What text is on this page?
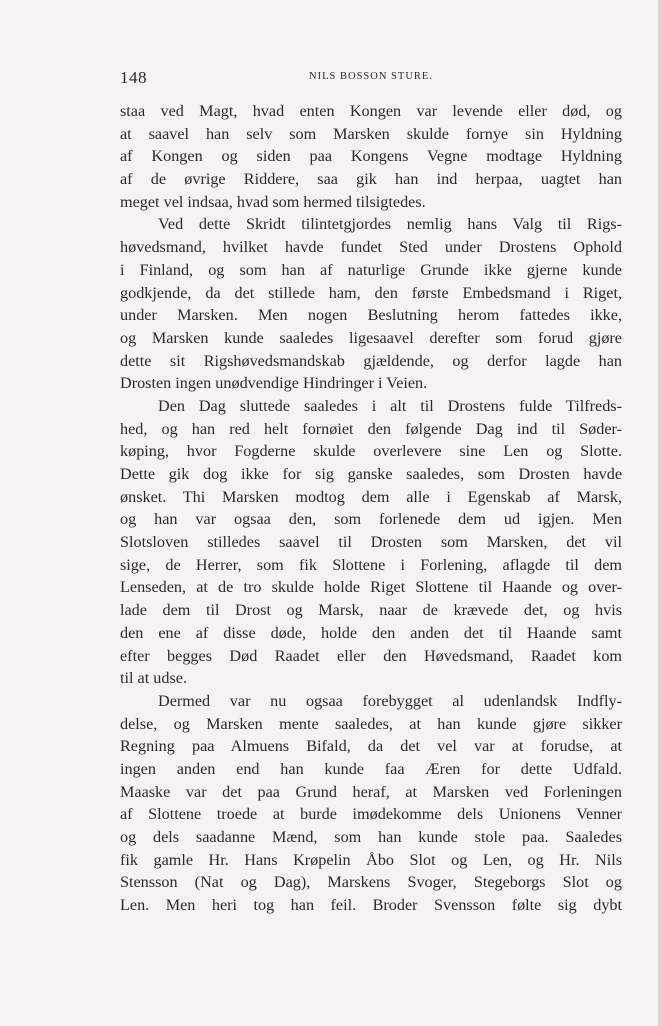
148	NILS BOSSON STURE.
staa ved Magt, hvad enten Kongen var levende eller død, og
at saavel han selv som Marsken skulde fornye sin Hyldning
af Kongen og siden paa Kongens Vegne modtage Hyldning
af de øvrige Riddere, saa gik han ind herpaa, uagtet han
meget vel indsaa, hvad som hermed tilsigtedes.
Ved dette Skridt tilintetgjordes nemlig hans Valg til Rigs-
høvedsmand, hvilket havde fundet Sted under Drostens Ophold
i Finland, og som han af naturlige Grunde ikke gjerne kunde
godkjende, da det stillede ham, den første Embedsmand i Riget,
under Marsken. Men nogen Beslutning herom fattedes ikke,
og Marsken kunde saaledes ligesaavel derefter som forud gjøre
dette sit Rigshøvedsmandskab gjældende, og derfor lagde han
Drosten ingen unødvendige Hindringer i Veien.
Den Dag sluttede saaledes i alt til Drostens fulde Tilfreds-
hed, og han red helt fornøiet den følgende Dag ind til Søder-
køping, hvor Fogderne skulde overlevere sine Len og Slotte.
Dette gik dog ikke for sig ganske saaledes, som Drosten havde
ønsket. Thi Marsken modtog dem alle i Egenskab af Marsk,
og han var ogsaa den, som forlenede dem ud igjen. Men
Slotsloven stilledes saavel til Drosten som Marsken, det vil
sige, de Herrer, som fik Slottene i Forlening, aflagde til dem
Lenseden, at de tro skulde holde Riget Slottene til Haande og over-
lade dem til Drost og Marsk, naar de krævede det, og hvis
den ene af disse døde, holde den anden det til Haande samt
efter begges Død Raadet eller den Høvedsmand, Raadet kom
til at udse.
Dermed var nu ogsaa forebygget al udenlandsk Indfly-
delse, og Marsken mente saaledes, at han kunde gjøre sikker
Regning paa Almuens Bifald, da det vel var at forudse, at
ingen anden end han kunde faa Æren for dette Udfald.
Maaske var det paa Grund heraf, at Marsken ved Forleningen
af Slottene troede at burde imødekomme dels Unionens Venner
og dels saadanne Mænd, som han kunde stole paa. Saaledes
fik gamle Hr. Hans Krøpelin Åbo Slot og Len, og Hr. Nils
Stensson (Nat og Dag), Marskens Svoger, Stegeborgs Slot og
Len. Men heri tog han feil. Broder Svensson følte sig dybt
